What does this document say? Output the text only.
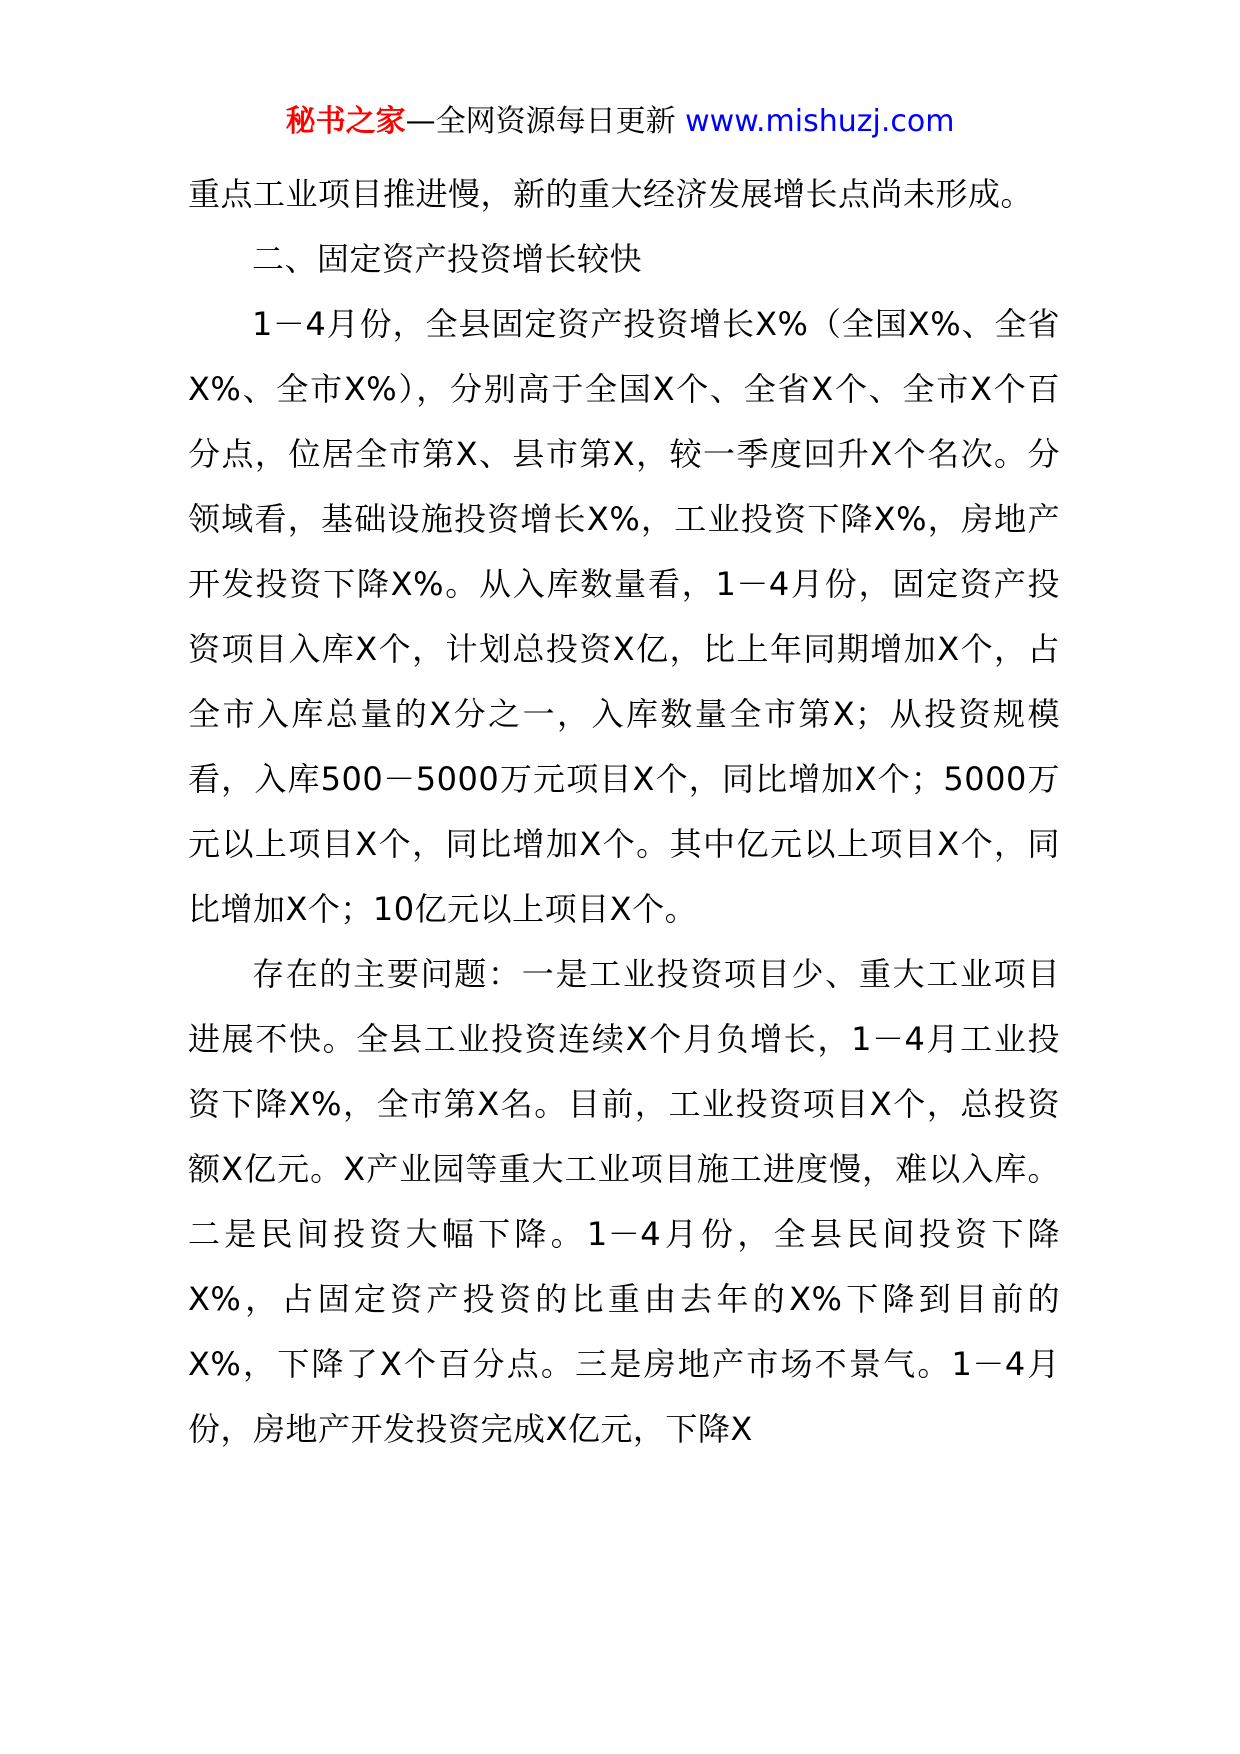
秘书之家—全网资源每日更新 www.mishuzj.com

重点工业项目推进慢，新的重大经济发展增长点尚未形成。

二、固定资产投资增长较快

1－4月份，全县固定资产投资增长X%（全国X%、全省X%、全市X%），分别高于全国X个、全省X个、全市X个百分点，位居全市第X、县市第X，较一季度回升X个名次。分领域看，基础设施投资增长X%，工业投资下降X%，房地产开发投资下降X%。从入库数量看，1－4月份，固定资产投资项目入库X个，计划总投资X亿，比上年同期增加X个，占全市入库总量的X分之一，入库数量全市第X；从投资规模看，入库500－5000万元项目X个，同比增加X个；5000万元以上项目X个，同比增加X个。其中亿元以上项目X个，同比增加X个；10亿元以上项目X个。

存在的主要问题：一是工业投资项目少、重大工业项目进展不快。全县工业投资连续X个月负增长，1－4月工业投资下降X%，全市第X名。目前，工业投资项目X个，总投资额X亿元。X产业园等重大工业项目施工进度慢，难以入库。二是民间投资大幅下降。1－4月份，全县民间投资下降X%，占固定资产投资的比重由去年的X%下降到目前的X%，下降了X个百分点。三是房地产市场不景气。1－4月份，房地产开发投资完成X亿元，下降X
